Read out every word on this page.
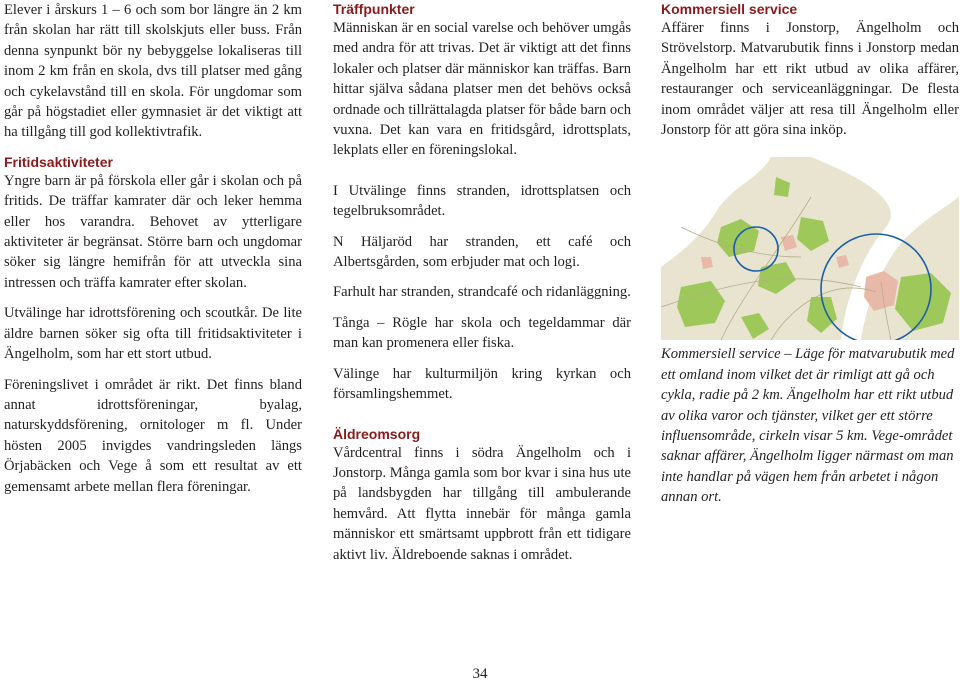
Elever i årskurs 1 – 6 och som bor längre än 2 km från skolan har rätt till skolskjuts eller buss. Från denna synpunkt bör ny bebyggelse lokaliseras till inom 2 km från en skola, dvs till platser med gång och cykelavstånd till en skola. För ungdomar som går på högstadiet eller gymnasiet är det viktigt att ha tillgång till god kollektivtrafik.

Fritidsaktiviteter

Yngre barn är på förskola eller går i skolan och på fritids. De träffar kamrater där och leker hemma eller hos varandra. Behovet av ytterligare aktiviteter är begränsat. Större barn och ungdomar söker sig längre hemifrån för att utveckla sina intressen och träffa kamrater efter skolan.

Utvälinge har idrottsförening och scoutkår. De lite äldre barnen söker sig ofta till fritidsaktiviteter i Ängelholm, som har ett stort utbud.

Föreningslivet i området är rikt. Det finns bland annat idrottsföreningar, byalag, naturskyddsförening, ornitologer m fl. Under hösten 2005 invigdes vandringsleden längs Örjabäcken och Vege å som ett resultat av ett gemensamt arbete mellan flera föreningar.

Träffpunkter

Människan är en social varelse och behöver umgås med andra för att trivas. Det är viktigt att det finns lokaler och platser där människor kan träffas. Barn hittar själva sådana platser men det behövs också ordnade och tillrättalagda platser för både barn och vuxna. Det kan vara en fritidsgård, idrottsplats, lekplats eller en föreningslokal.

I Utvälinge finns stranden, idrottsplatsen och tegelbruksområdet.

N Häljaröd har stranden, ett café och Albertsgården, som erbjuder mat och logi.

Farhult har stranden, strandcafé och ridanläggning.

Tånga – Rögle har skola och tegeldammar där man kan promenera eller fiska.

Välinge har kulturmiljön kring kyrkan och församlingshemmet.

Äldreomsorg

Vårdcentral finns i södra Ängelholm och i Jonstorp. Många gamla som bor kvar i sina hus ute på landsbygden har tillgång till ambulerande hemvård. Att flytta innebär för många gamla människor ett smärtsamt uppbrott från ett tidigare aktivt liv. Äldreboende saknas i området.

Kommersiell service

Affärer finns i Jonstorp, Ängelholm och Strövelstorp. Matvarubutik finns i Jonstorp medan Ängelholm har ett rikt utbud av olika affärer, restauranger och serviceanläggningar. De flesta inom området väljer att resa till Ängelholm eller Jonstorp för att göra sina inköp.

Kommersiell service – Läge för matvarubutik med ett omland inom vilket det är rimligt att gå och cykla, radie på 2 km. Ängelholm har ett rikt utbud av olika varor och tjänster, vilket ger ett större influensområde, cirkeln visar 5 km. Vege-området saknar affärer, Ängelholm ligger närmast om man inte handlar på vägen hem från arbetet i någon annan ort.

34
